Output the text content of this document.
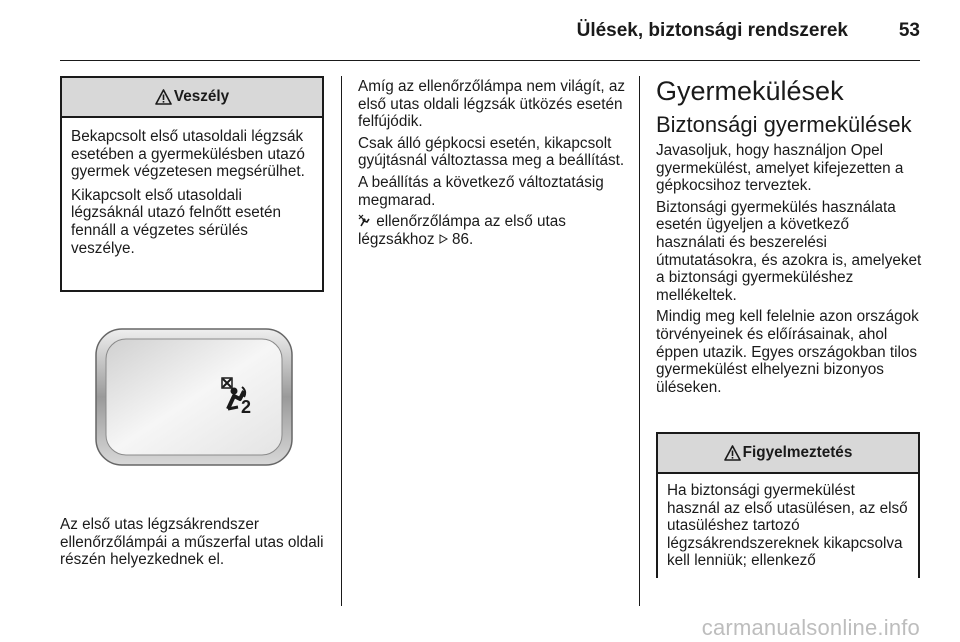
Ülések, biztonsági rendszerek	53
Veszély

Bekapcsolt első utasoldali légzsák esetében a gyermekülésben utazó gyermek végzetesen megsérülhet.

Kikapcsolt első utasoldali légzsáknál utazó felnőtt esetén fennáll a végzetes sérülés veszélye.

2

Az első utas légzsákrendszer ellenőrzőlámpái a műszerfal utas oldali részén helyezkednek el.

Amíg az ellenőrzőlámpa nem világít, az első utas oldali légzsák ütközés esetén felfújódik.

Csak álló gépkocsi esetén, kikapcsolt gyújtásnál változtassa meg a beállítást.

A beállítás a következő változtatásig megmarad.

ellenőrzőlámpa az első utas légzsákhoz 86.

Gyermekülések
Biztonsági gyermekülések

Javasoljuk, hogy használjon Opel gyermekülést, amelyet kifejezetten a gépkocsihoz terveztek.

Biztonsági gyermekülés használata esetén ügyeljen a következő használati és beszerelési útmutatásokra, és azokra is, amelyeket a biztonsági gyermeküléshez mellékeltek.

Mindig meg kell felelnie azon országok törvényeinek és előírásainak, ahol éppen utazik. Egyes országokban tilos gyermekülést elhelyezni bizonyos üléseken.

Figyelmeztetés

Ha biztonsági gyermekülést használ az első utasülésen, az első utasüléshez tartozó légzsákrendszereknek kikapcsolva kell lenniük; ellenkező

carmanualsonline.info
